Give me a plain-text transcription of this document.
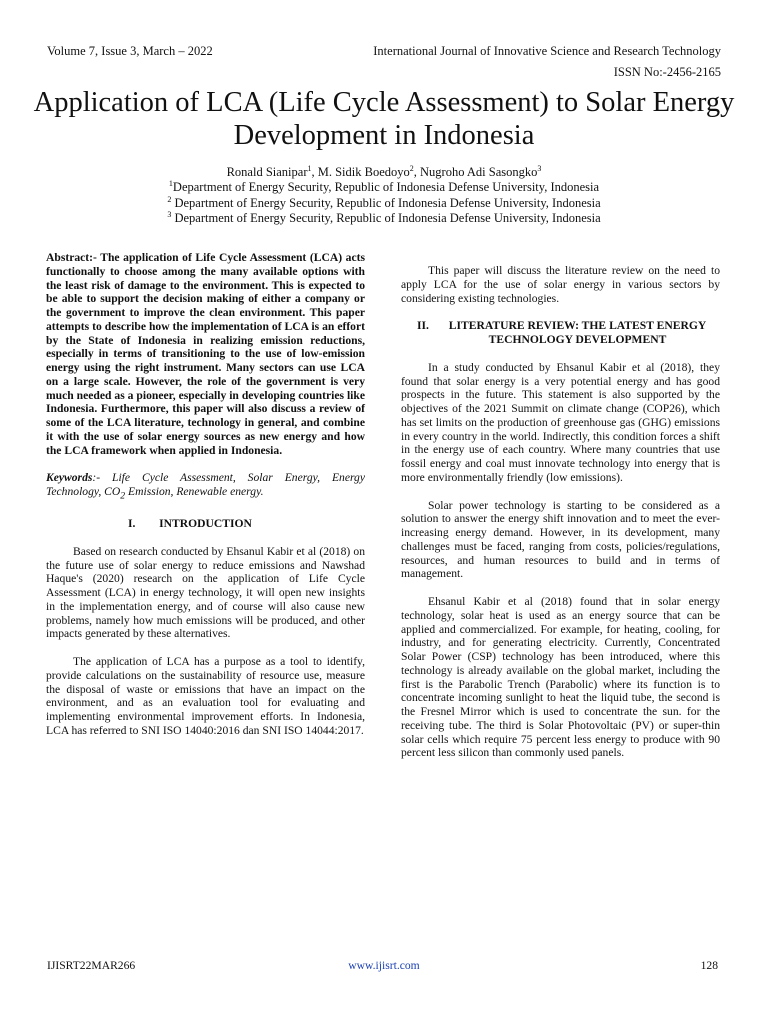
Volume 7, Issue 3, March – 2022	International Journal of Innovative Science and Research Technology
ISSN No:-2456-2165
Application of LCA (Life Cycle Assessment) to Solar Energy Development in Indonesia
Ronald Sianipar$^1$, M. Sidik Boedoyo$^2$, Nugroho Adi Sasongko$^3$
$^1$Department of Energy Security, Republic of Indonesia Defense University, Indonesia
$^2$ Department of Energy Security, Republic of Indonesia Defense University, Indonesia
$^3$ Department of Energy Security, Republic of Indonesia Defense University, Indonesia

Abstract:- The application of Life Cycle Assessment (LCA) acts functionally to choose among the many available options with the least risk of damage to the environment. This is expected to be able to support the decision making of either a company or the government to improve the clean environment. This paper attempts to describe how the implementation of LCA is an effort by the State of Indonesia in realizing emission reductions, especially in terms of transitioning to the use of low-emission energy using the right instrument. Many sectors can use LCA on a large scale. However, the role of the government is very much needed as a pioneer, especially in developing countries like Indonesia. Furthermore, this paper will also discuss a review of some of the LCA literature, technology in general, and combine it with the use of solar energy sources as new energy and how the LCA framework when applied in Indonesia.

Keywords:- Life Cycle Assessment, Solar Energy, Energy Technology, $CO_2$ Emission, Renewable energy.

I. INTRODUCTION

Based on research conducted by Ehsanul Kabir et al (2018) on the future use of solar energy to reduce emissions and Nawshad Haque's (2020) research on the application of Life Cycle Assessment (LCA) in energy technology, it will open new insights in the implementation energy, and of course will also cause new problems, namely how much emissions will be produced, and other impacts generated by these alternatives.

The application of LCA has a purpose as a tool to identify, provide calculations on the sustainability of resource use, measure the disposal of waste or emissions that have an impact on the environment, and as an evaluation tool for evaluating and implementing environmental improvement efforts. In Indonesia, LCA has referred to SNI ISO 14040:2016 dan SNI ISO 14044:2017.

This paper will discuss the literature review on the need to apply LCA for the use of solar energy in various sectors by considering existing technologies.

II. LITERATURE REVIEW: THE LATEST ENERGY TECHNOLOGY DEVELOPMENT

In a study conducted by Ehsanul Kabir et al (2018), they found that solar energy is a very potential energy and has good prospects in the future. This statement is also supported by the objectives of the 2021 Summit on climate change (COP26), which has set limits on the production of greenhouse gas (GHG) emissions in every country in the world. Indirectly, this condition forces a shift in the energy use of each country. Where many countries that use fossil energy and coal must innovate technology into energy that is more environmentally friendly (low emissions).

Solar power technology is starting to be considered as a solution to answer the energy shift innovation and to meet the ever-increasing energy demand. However, in its development, many challenges must be faced, ranging from costs, policies/regulations, resources, and human resources to build and in terms of management.

Ehsanul Kabir et al (2018) found that in solar energy technology, solar heat is used as an energy source that can be applied and commercialized. For example, for heating, cooling, for industry, and for generating electricity. Currently, Concentrated Solar Power (CSP) technology has been introduced, where this technology is already available on the global market, including the first is the Parabolic Trench (Parabolic) where its function is to concentrate incoming sunlight to heat the liquid tube, the second is the Fresnel Mirror which is used to concentrate the sun. for the receiving tube. The third is Solar Photovoltaic (PV) or super-thin solar cells which require 75 percent less energy to produce with 90 percent less silicon than commonly used panels.

IJISRT22MAR266	www.ijisrt.com	128
